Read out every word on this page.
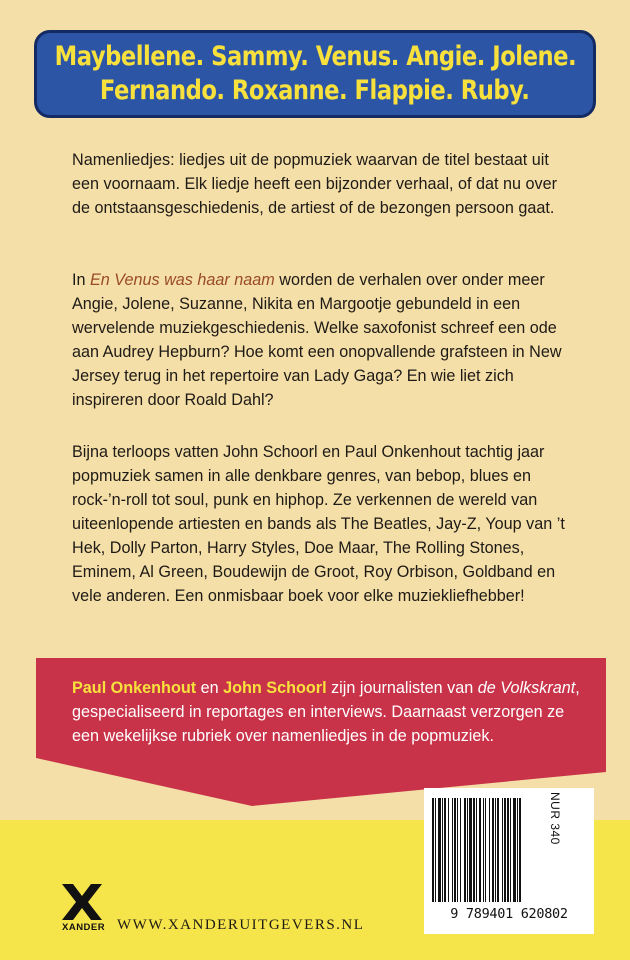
Maybellene. Sammy. Venus. Angie. Jolene.
Fernando. Roxanne. Flappie. Ruby.

Namenliedjes: liedjes uit de popmuziek waarvan de titel bestaat uit een voornaam. Elk liedje heeft een bijzonder verhaal, of dat nu over de ontstaansgeschiedenis, de artiest of de bezongen persoon gaat.

In En Venus was haar naam worden de verhalen over onder meer Angie, Jolene, Suzanne, Nikita en Margootje gebundeld in een wervelende muziekgeschiedenis. Welke saxofonist schreef een ode aan Audrey Hepburn? Hoe komt een onopvallende grafsteen in New Jersey terug in het repertoire van Lady Gaga? En wie liet zich inspireren door Roald Dahl?

Bijna terloops vatten John Schoorl en Paul Onkenhout tachtig jaar popmuziek samen in alle denkbare genres, van bebop, blues en rock-’n-roll tot soul, punk en hiphop. Ze verkennen de wereld van uiteenlopende artiesten en bands als The Beatles, Jay-Z, Youp van ’t Hek, Dolly Parton, Harry Styles, Doe Maar, The Rolling Stones, Eminem, Al Green, Boudewijn de Groot, Roy Orbison, Goldband en vele anderen. Een onmisbaar boek voor elke muziekliefhebber!

Paul Onkenhout en John Schoorl zijn journalisten van de Volkskrant, gespecialiseerd in reportages en interviews. Daarnaast verzorgen ze een wekelijkse rubriek over namenliedjes in de popmuziek.

NUR 340
9 789401 620802
XANDER WWW.XANDERUITGEVERS.NL
